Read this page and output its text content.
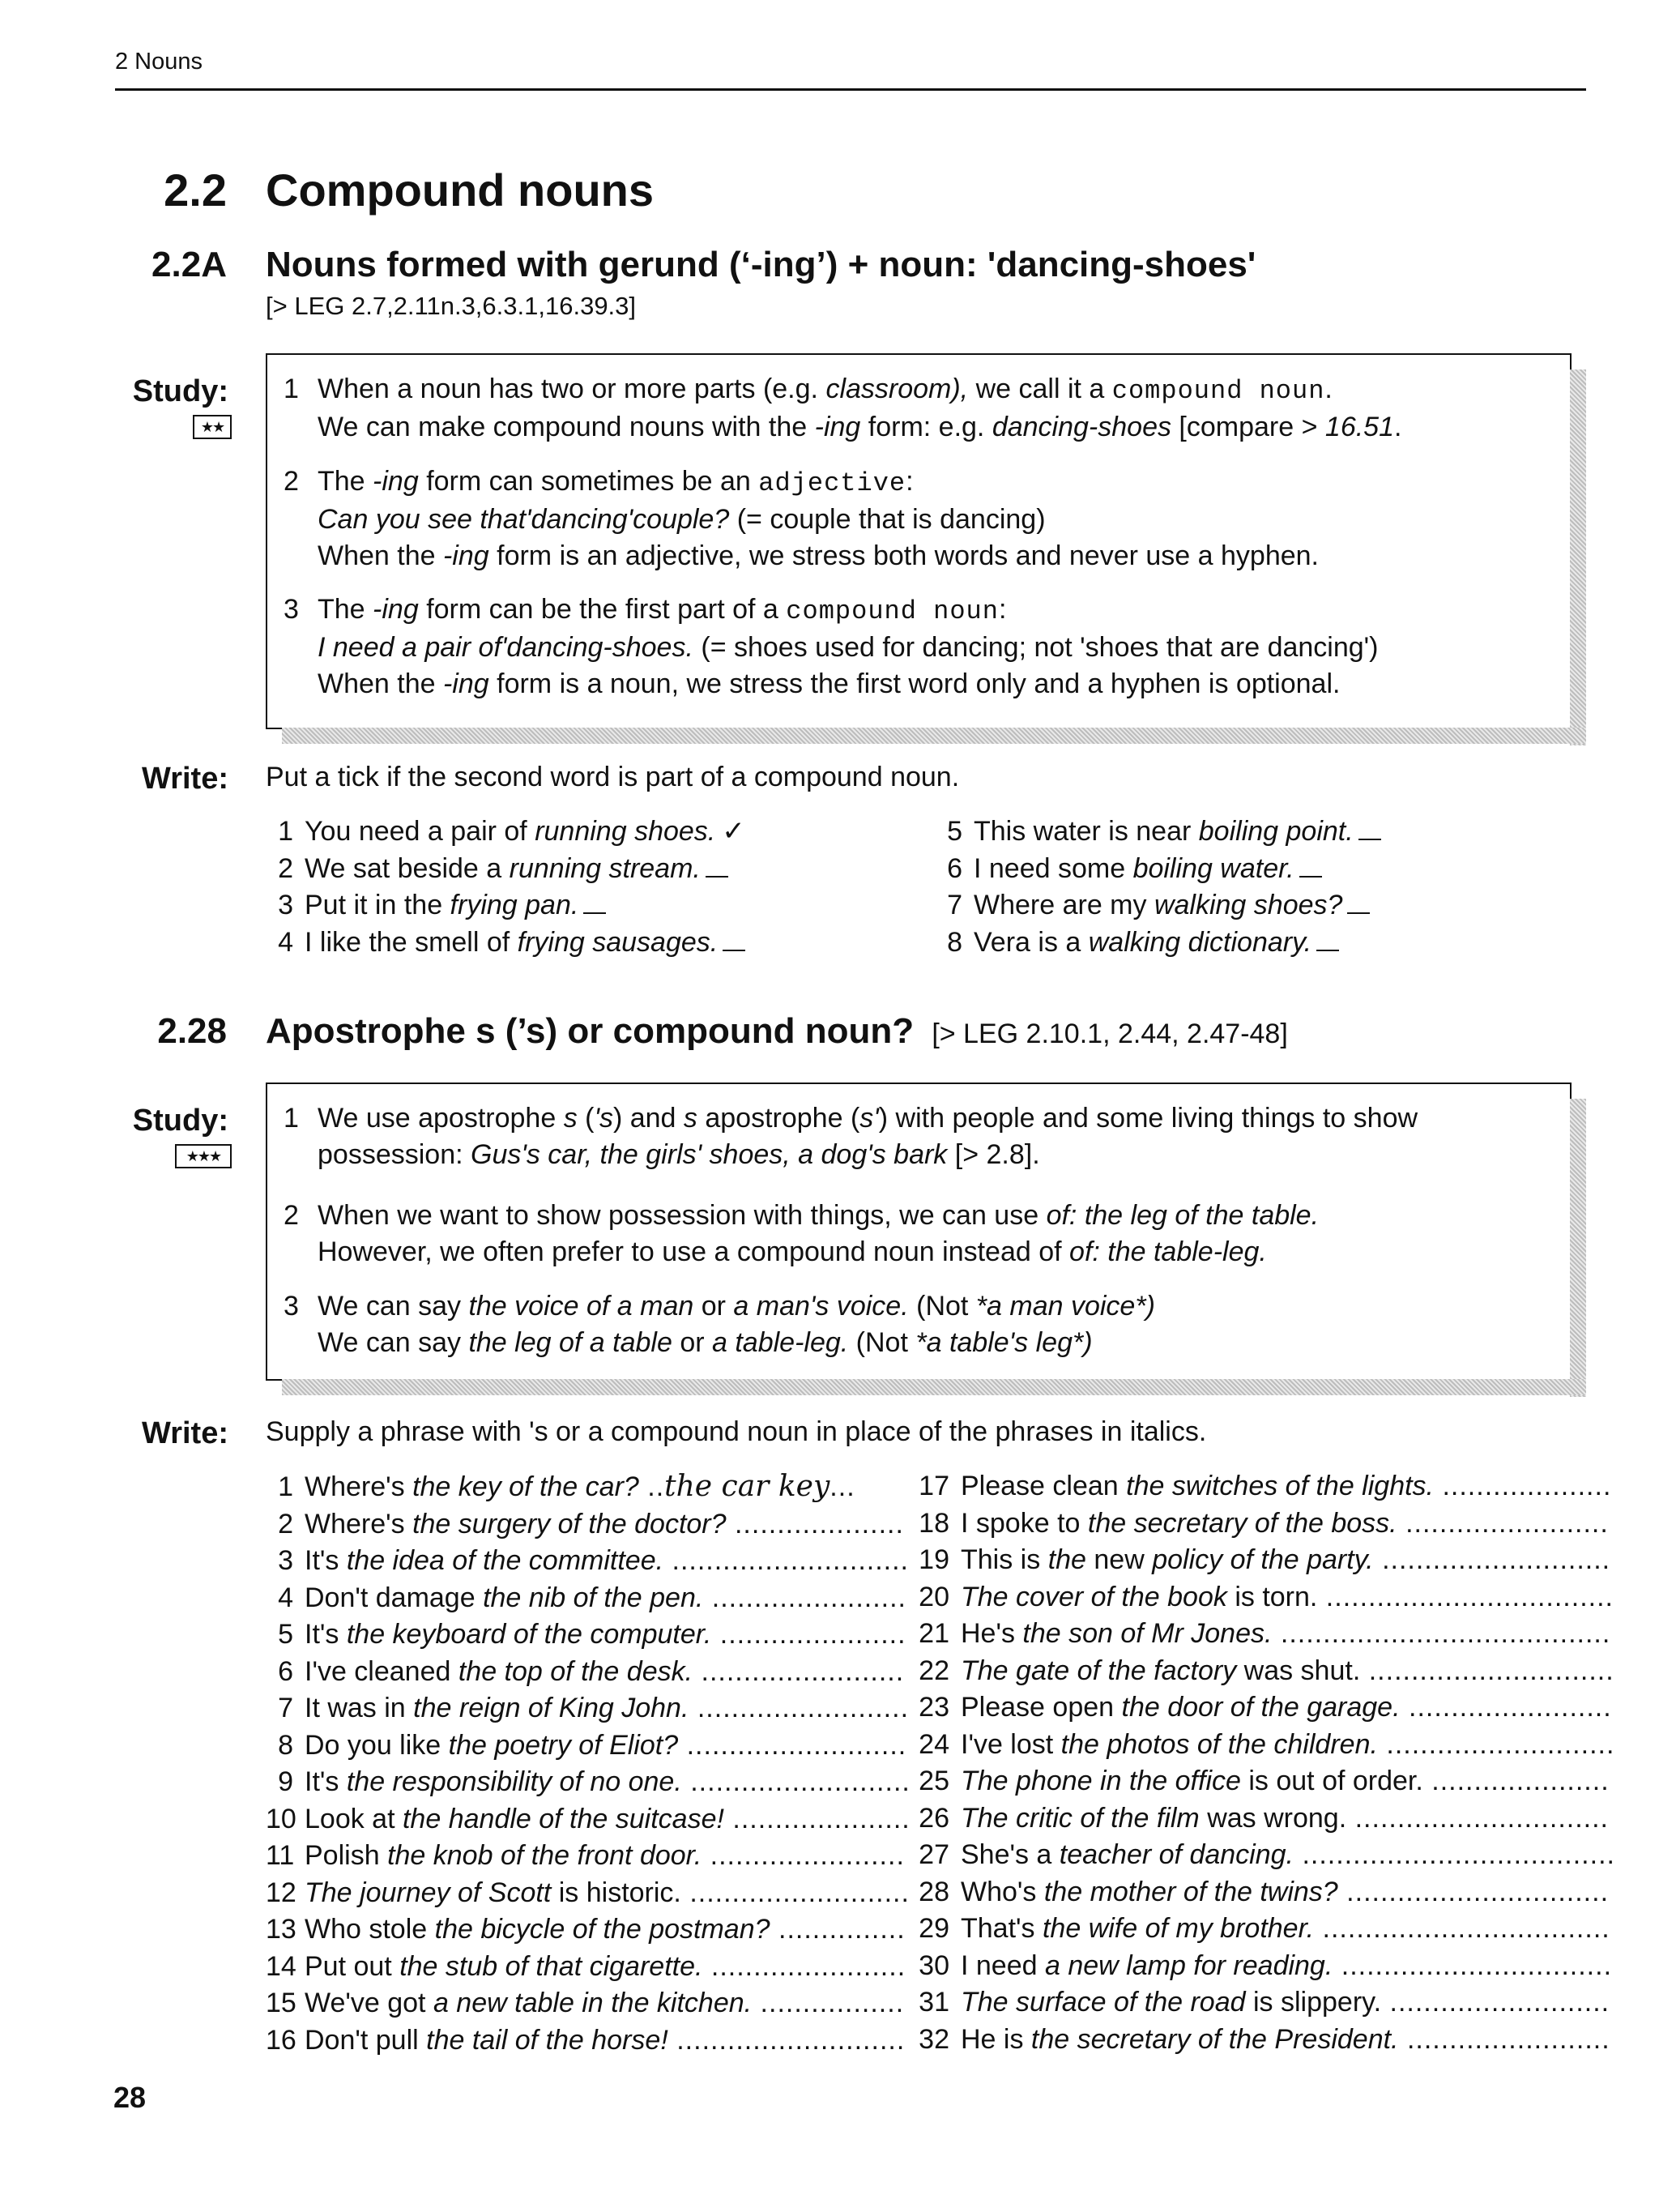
2 Nouns
2.2 Compound nouns
2.2A Nouns formed with gerund (‘-ing’) + noun: 'dancing-shoes'
[> LEG 2.7,2.11n.3,6.3.1,16.39.3]
Study:
★★
1 When a noun has two or more parts (e.g. classroom), we call it a compound noun.
We can make compound nouns with the -ing form: e.g. dancing-shoes [compare > 16.51.
2 The -ing form can sometimes be an adjective:
Can you see that'dancing'couple? (= couple that is dancing)
When the -ing form is an adjective, we stress both words and never use a hyphen.
3 The -ing form can be the first part of a compound noun:
I need a pair of'dancing-shoes. (= shoes used for dancing; not 'shoes that are dancing')
When the -ing form is a noun, we stress the first word only and a hyphen is optional.
Write: Put a tick if the second word is part of a compound noun.
1 You need a pair of running shoes. ✓
2 We sat beside a running stream.
3 Put it in the frying pan.
4 I like the smell of frying sausages.
5 This water is near boiling point.
6 I need some boiling water.
7 Where are my walking shoes?
8 Vera is a walking dictionary.
2.28 Apostrophe s (’s) or compound noun? [> LEG 2.10.1, 2.44, 2.47-48]
Study:
★★★
1 We use apostrophe s ('s) and s apostrophe (s') with people and some living things to show
possession: Gus's car, the girls' shoes, a dog's bark [> 2.8].
2 When we want to show possession with things, we can use of: the leg of the table.
However, we often prefer to use a compound noun instead of of: the table-leg.
3 We can say the voice of a man or a man's voice. (Not *a man voice*)
We can say the leg of a table or a table-leg. (Not *a table's leg*)
Write: Supply a phrase with 's or a compound noun in place of the phrases in italics.
1 Where's the key of the car? ..the car key...
2 Where's the surgery of the doctor? ....................
3 It's the idea of the committee. ............................
4 Don't damage the nib of the pen. .......................
5 It's the keyboard of the computer. ......................
6 I've cleaned the top of the desk. ........................
7 It was in the reign of King John. .........................
8 Do you like the poetry of Eliot? ..........................
9 It's the responsibility of no one. ..........................
10 Look at the handle of the suitcase! .....................
11 Polish the knob of the front door. .......................
12 The journey of Scott is historic. ..........................
13 Who stole the bicycle of the postman? ...............
14 Put out the stub of that cigarette. .......................
15 We've got a new table in the kitchen. .................
16 Don't pull the tail of the horse! ...........................
17 Please clean the switches of the lights. ....................
18 I spoke to the secretary of the boss. ........................
19 This is the new policy of the party. ...........................
20 The cover of the book is torn. ..................................
21 He's the son of Mr Jones. .......................................
22 The gate of the factory was shut. .............................
23 Please open the door of the garage. ........................
24 I've lost the photos of the children. ...........................
25 The phone in the office is out of order. .....................
26 The critic of the film was wrong. ..............................
27 She's a teacher of dancing. .....................................
28 Who's the mother of the twins? ...............................
29 That's the wife of my brother. ..................................
30 I need a new lamp for reading. ................................
31 The surface of the road is slippery. ..........................
32 He is the secretary of the President. ........................
28
